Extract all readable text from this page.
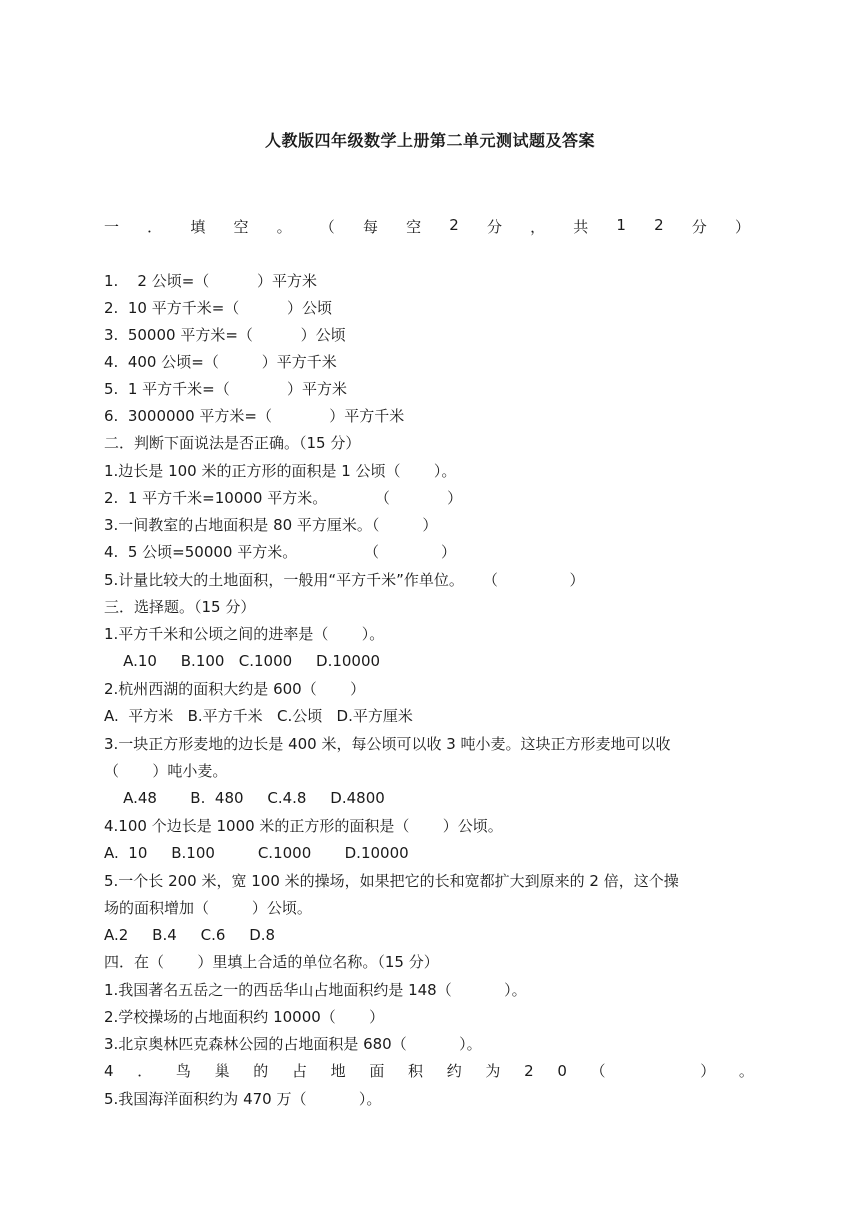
人教版四年级数学上册第二单元测试题及答案
一 ． 填 空 。 （ 每 空 2 分 ， 共 1 2 分 ）
1.    2 公顷=（          ）平方米
2.  10 平方千米=（          ）公顷
3.  50000 平方米=（          ）公顷
4.  400 公顷=（         ）平方千米
5.  1 平方千米=（            ）平方米
6.  3000000 平方米=（            ）平方千米
二．判断下面说法是否正确。（15 分）
1.边长是 100 米的正方形的面积是 1 公顷（       ）。
2.  1 平方千米=10000 平方米。          （            ）
3.一间教室的占地面积是 80 平方厘米。（         ）
4.  5 公顷=50000 平方米。              （             ）
5.计量比较大的土地面积，一般用“平方千米”作单位。    （               ）
三．选择题。（15 分）
1.平方千米和公顷之间的进率是（       ）。
A.10     B.100   C.1000     D.10000
2.杭州西湖的面积大约是 600（       ）
A.  平方米   B.平方千米   C.公顷   D.平方厘米
3.一块正方形麦地的边长是 400 米，每公顷可以收 3 吨小麦。这块正方形麦地可以收
（       ）吨小麦。
A.48       B.  480     C.4.8     D.4800
4.100 个边长是 1000 米的正方形的面积是（       ）公顷。
A.  10     B.100         C.1000       D.10000
5.一个长 200 米，宽 100 米的操场，如果把它的长和宽都扩大到原来的 2 倍，这个操
场的面积增加（         ）公顷。
A.2     B.4     C.6     D.8
四．在（       ）里填上合适的单位名称。（15 分）
1.我国著名五岳之一的西岳华山占地面积约是 148（           ）。
2.学校操场的占地面积约 10000（       ）
3.北京奥林匹克森林公园的占地面积是 680（           ）。
5.我国海洋面积约为 470 万（           ）。
4 ． 鸟 巢 的 占 地 面 积 约 为 2 0 （	） 。
